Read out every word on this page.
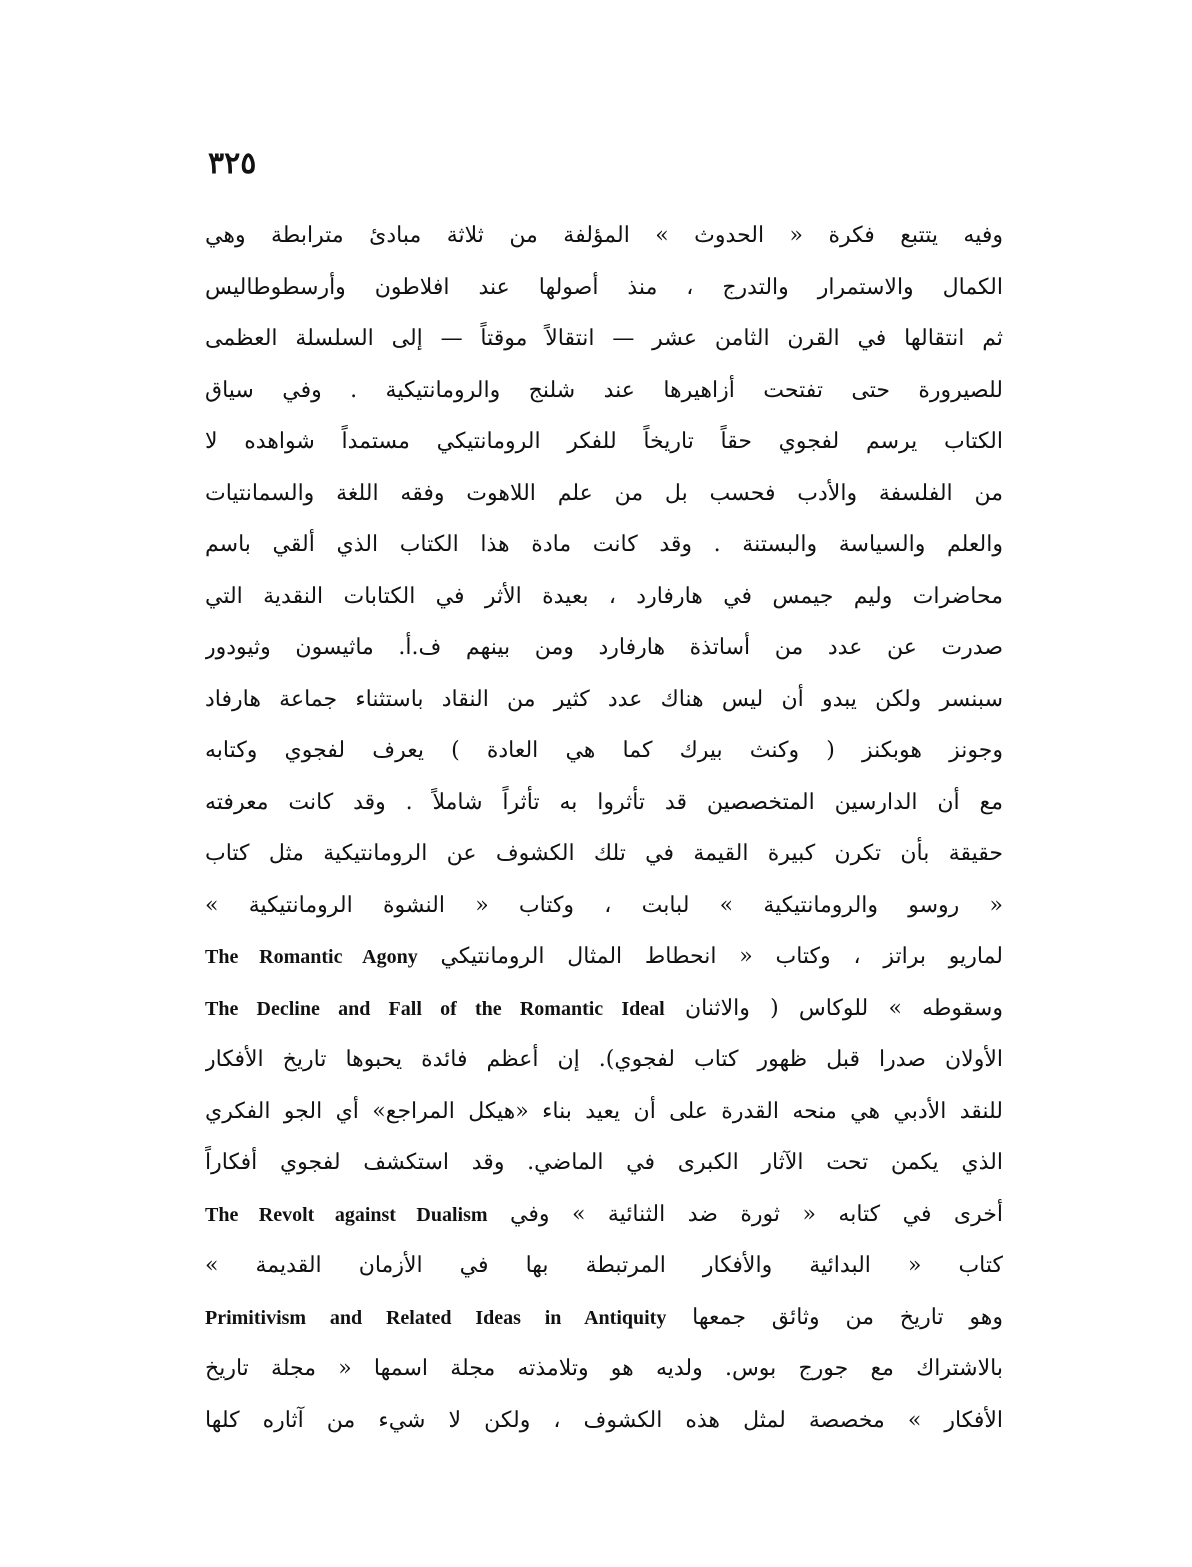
٣٢٥
وفيه يتتبع فكرة « الحدوث » المؤلفة من ثلاثة مبادئ مترابطة وهي
الكمال والاستمرار والتدرج ، منذ أصولها عند افلاطون وأرسطوطاليس
ثم انتقالها في القرن الثامن عشر — انتقالاً موقتاً — إلى السلسلة العظمى
للصيرورة حتى تفتحت أزاهيرها عند شلنج والرومانتيكية . وفي سياق
الكتاب يرسم لفجوي حقاً تاريخاً للفكر الرومانتيكي مستمداً شواهده لا
من الفلسفة والأدب فحسب بل من علم اللاهوت وفقه اللغة والسمانتيات
والعلم والسياسة والبستنة . وقد كانت مادة هذا الكتاب الذي ألقي باسم
محاضرات وليم جيمس في هارفارد ، بعيدة الأثر في الكتابات النقدية التي
صدرت عن عدد من أساتذة هارفارد ومن بينهم ف.أ. ماثيسون وثيودور
سبنسر ولكن يبدو أن ليس هناك عدد كثير من النقاد باستثناء جماعة هارفاد
وجونز هوبكنز ( وكنث بيرك كما هي العادة ) يعرف لفجوي وكتابه
مع أن الدارسين المتخصصين قد تأثروا به تأثراً شاملاً . وقد كانت معرفته
حقيقة بأن تكرن كبيرة القيمة في تلك الكشوف عن الرومانتيكية مثل كتاب
« روسو والرومانتيكية » لبابت ، وكتاب « النشوة الرومانتيكية »
لماريو براتز ، وكتاب « انحطاط المثال الرومانتيكي The Romantic Agony
وسقوطه » للوكاس ( والاثنان The Decline and Fall of the Romantic Ideal
الأولان صدرا قبل ظهور كتاب لفجوي). إن أعظم فائدة يحبوها تاريخ الأفكار
للنقد الأدبي هي منحه القدرة على أن يعيد بناء «هيكل المراجع» أي الجو الفكري
الذي يكمن تحت الآثار الكبرى في الماضي. وقد استكشف لفجوي أفكاراً
أخرى في كتابه « ثورة ضد الثنائية » وفي The Revolt against Dualism
كتاب « البدائية والأفكار المرتبطة بها في الأزمان القديمة »
وهو تاريخ من وثائق جمعها Primitivism and Related Ideas in Antiquity
بالاشتراك مع جورج بوس. ولديه هو وتلامذته مجلة اسمها « مجلة تاريخ
الأفكار » مخصصة لمثل هذه الكشوف ، ولكن لا شيء من آثاره كلها
